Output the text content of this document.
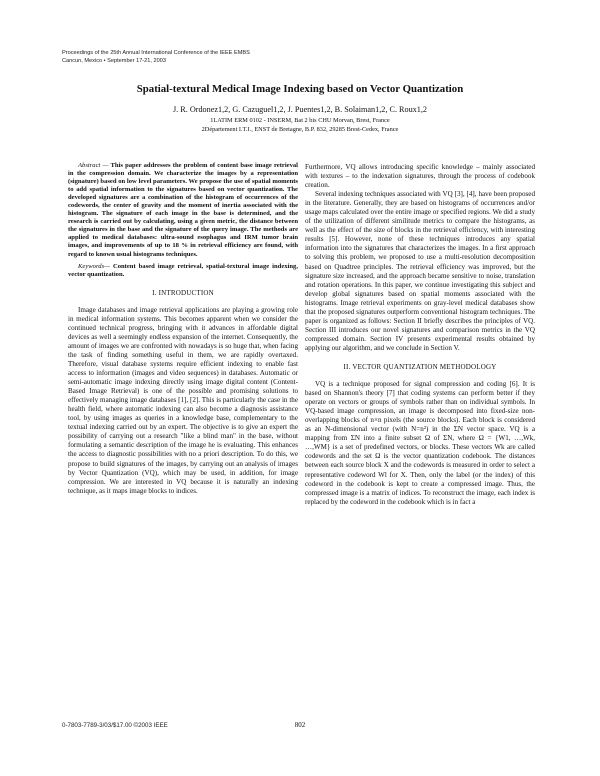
Proceedings of the 25th Annual International Conference of the IEEE EMBS
Cancun, Mexico • September 17-21, 2003
Spatial-textural Medical Image Indexing based on Vector Quantization
J. R. Ordonez1,2, G. Cazuguel1,2, J. Puentes1,2, B. Solaiman1,2, C. Roux1,2
1LATIM ERM 0102 - INSERM, Bat 2 bis CHU Morvan, Brest, France
2Département I.T.I., ENST de Bretagne, B.P. 832, 29285 Brest-Cedex, France

Abstract — This paper addresses the problem of content base image retrieval in the compression domain. We characterize the images by a representation (signature) based on low level parameters. We propose the use of spatial moments to add spatial information to the signatures based on vector quantization. The developed signatures are a combination of the histogram of occurrences of the codewords, the center of gravity and the moment of inertia associated with the histogram. The signature of each image in the base is determined, and the research is carried out by calculating, using a given metric, the distance between the signatures in the base and the signature of the query image. The methods are applied to medical databases: ultra-sound esophagus and IRM tumor brain images, and improvements of up to 18 % in retrieval efficiency are found, with regard to known usual histograms techniques.

Keywords— Content based image retrieval, spatial-textural image indexing, vector quantization.

I. INTRODUCTION

Image databases and image retrieval applications are playing a growing role in medical information systems. This becomes apparent when we consider the continued technical progress, bringing with it advances in affordable digital devices as well a seemingly endless expansion of the internet. Consequently, the amount of images we are confronted with nowadays is so huge that, when facing the task of finding something useful in them, we are rapidly overtaxed. Therefore, visual database systems require efficient indexing to enable fast access to information (images and video sequences) in databases. Automatic or semi-automatic image indexing directly using image digital content (Content-Based Image Retrieval) is one of the possible and promising solutions to effectively managing image databases [1], [2]. This is particularly the case in the health field, where automatic indexing can also become a diagnosis assistance tool, by using images as queries in a knowledge base, complementary to the textual indexing carried out by an expert. The objective is to give an expert the possibility of carrying out a research "like a blind man" in the base, without formulating a semantic description of the image he is evaluating. This enhances the access to diagnostic possibilities with no a priori description. To do this, we propose to build signatures of the images, by carrying out an analysis of images by Vector Quantization (VQ), which may be used, in addition, for image compression. We are interested in VQ because it is naturally an indexing technique, as it maps image blocks to indices.

Furthermore, VQ allows introducing specific knowledge – mainly associated with textures – to the indexation signatures, through the process of codebook creation.

Several indexing techniques associated with VQ [3], [4], have been proposed in the literature. Generally, they are based on histograms of occurrences and/or usage maps calculated over the entire image or specified regions. We did a study of the utilization of different similitude metrics to compare the histograms, as well as the effect of the size of blocks in the retrieval efficiency, with interesting results [5]. However, none of these techniques introduces any spatial information into the signatures that characterizes the images. In a first approach to solving this problem, we proposed to use a multi-resolution decomposition based on Quadtree principles. The retrieval efficiency was improved, but the signature size increased, and the approach became sensitive to noise, translation and rotation operations. In this paper, we continue investigating this subject and develop global signatures based on spatial moments associated with the histograms. Image retrieval experiments on gray-level medical databases show that the proposed signatures outperform conventional histogram techniques. The paper is organized as follows: Section II briefly describes the principles of VQ. Section III introduces our novel signatures and comparison metrics in the VQ compressed domain. Section IV presents experimental results obtained by applying our algorithm, and we conclude in Section V.

II. VECTOR QUANTIZATION METHODOLOGY

VQ is a technique proposed for signal compression and coding [6]. It is based on Shannon's theory [7] that coding systems can perform better if they operate on vectors or groups of symbols rather than on individual symbols. In VQ-based image compression, an image is decomposed into fixed-size non-overlapping blocks of n×n pixels (the source blocks). Each block is considered as an N-dimensional vector (with N=n²) in the ΣN vector space. VQ is a mapping from ΣN into a finite subset Ω of ΣN, where Ω = {W1, …,Wk, …,WM} is a set of predefined vectors, or blocks. These vectors Wk are called codewords and the set Ω is the vector quantization codebook. The distances between each source block X and the codewords is measured in order to select a representative codeword Wl for X. Then, only the label (or the index) of this codeword in the codebook is kept to create a compressed image. Thus, the compressed image is a matrix of indices. To reconstruct the image, each index is replaced by the codeword in the codebook which is in fact a

0-7803-7789-3/03/$17.00 ©2003 IEEE	802
